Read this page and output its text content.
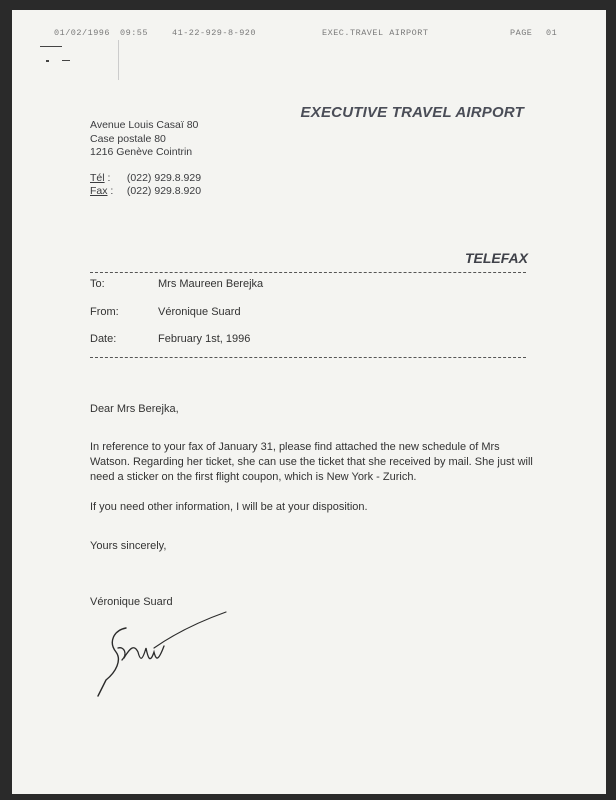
01/02/1996 09:55	41-22-929-8-920	EXEC.TRAVEL AIRPORT	PAGE 01
EXECUTIVE TRAVEL AIRPORT
Avenue Louis Casaï 80
Case postale 80
1216 Genève Cointrin
Tél : (022) 929.8.929
Fax : (022) 929.8.920
TELEFAX
To:	Mrs Maureen Berejka
From:	Véronique Suard
Date:	February 1st, 1996

Dear Mrs Berejka,

In reference to your fax of January 31, please find attached the new schedule of Mrs Watson. Regarding her ticket, she can use the ticket that she received by mail. She just will need a sticker on the first flight coupon, which is New York - Zurich.

If you need other information, I will be at your disposition.

Yours sincerely,

Véronique Suard
